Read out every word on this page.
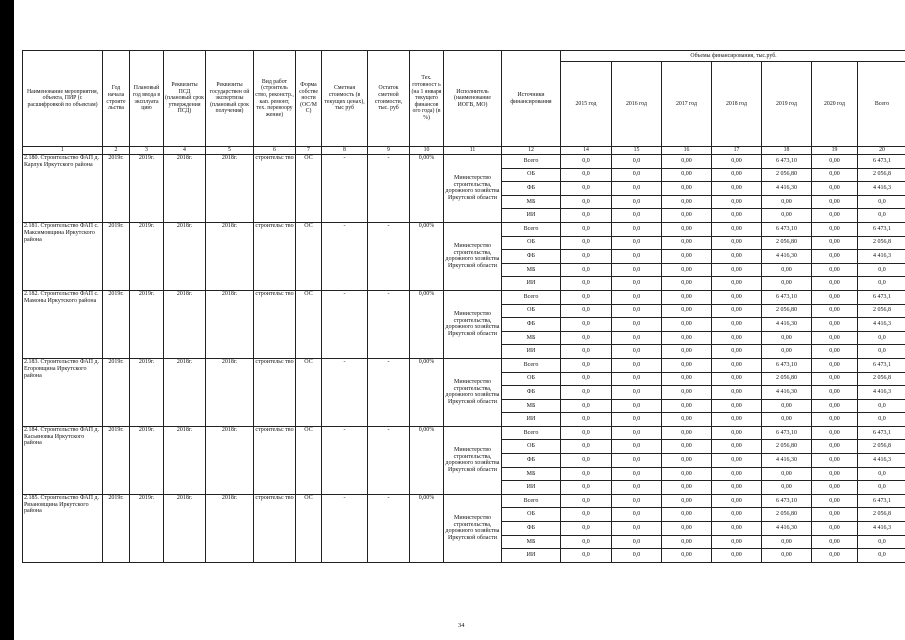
Наименование мероприятия, объекта, ПИР (с расшифровкой по объектам)	Год начала строите льства	Плановый год ввода в эксплуата цию	Реквизиты ПСД (плановый срок утверждения ПСД)	Реквизиты государствен ой экспертизы (плановый срок получения)	Вид работ (строитель ство, реконстр., кап. ремонт, тех. перевоору жение)	Форма собстве ности (ОС/М С)	Сметная стоимость (в текущих ценах), тыс руб	Остаток сметной стоимости, тыс. руб	Тех. готовност ь (на 1 января текущего финансов ого года) (в %)	Исполнитель (наименование ИОГВ, МО)	Источники финансирования	Объемы финансирования, тыс.руб.						
												2015 год	2016 год	2017 год	2018 год	2019 год	2020 год	Всего
1	2	3	4	5	6	7	8	9	10	11	12	14	15	16	17	18	19	20
2.180. Строительство ФАП д. Карлук Иркутского района	2019г.	2019г.	2018г.	2018г.	строительс тво	ОС	-	-	0,00%	Министерство строительства, дорожного хозяйства Иркутской области	Всего	0,0	0,0	0,00	0,00	6 473,10	0,00	6 473,1
											ОБ	0,0	0,0	0,00	0,00	2 056,80	0,00	2 056,8
											ФБ	0,0	0,0	0,00	0,00	4 416,30	0,00	4 416,3
											МБ	0,0	0,0	0,00	0,00	0,00	0,00	0,0
											ИИ	0,0	0,0	0,00	0,00	0,00	0,00	0,0
2.181. Строительство ФАП с. Максимовщина Иркутского района	2019г.	2019г.	2018г.	2018г.	строительс тво	ОС	-	-	0,00%	Министерство строительства, дорожного хозяйства Иркутской области	Всего	0,0	0,0	0,00	0,00	6 473,10	0,00	6 473,1
											ОБ	0,0	0,0	0,00	0,00	2 056,80	0,00	2 056,8
											ФБ	0,0	0,0	0,00	0,00	4 416,30	0,00	4 416,3
											МБ	0,0	0,0	0,00	0,00	0,00	0,00	0,0
											ИИ	0,0	0,0	0,00	0,00	0,00	0,00	0,0
2.182. Строительство ФАП с. Мамоны Иркутского района	2019г.	2019г.	2018г.	2018г.	строительс тво	ОС	-	-	0,00%	Министерство строительства, дорожного хозяйства Иркутской области	Всего	0,0	0,0	0,00	0,00	6 473,10	0,00	6 473,1
											ОБ	0,0	0,0	0,00	0,00	2 056,80	0,00	2 056,8
											ФБ	0,0	0,0	0,00	0,00	4 416,30	0,00	4 416,3
											МБ	0,0	0,0	0,00	0,00	0,00	0,00	0,0
											ИИ	0,0	0,0	0,00	0,00	0,00	0,00	0,0
2.183. Строительство ФАП д. Егоровщина Иркутского района	2019г.	2019г.	2018г.	2018г.	строительс тво	ОС	-	-	0,00%	Министерство строительства, дорожного хозяйства Иркутской области	Всего	0,0	0,0	0,00	0,00	6 473,10	0,00	6 473,1
											ОБ	0,0	0,0	0,00	0,00	2 056,80	0,00	2 056,8
											ФБ	0,0	0,0	0,00	0,00	4 416,30	0,00	4 416,3
											МБ	0,0	0,0	0,00	0,00	0,00	0,00	0,0
											ИИ	0,0	0,0	0,00	0,00	0,00	0,00	0,0
2.184. Строительство ФАП д. Касьяновка Иркутского района	2019г.	2019г.	2018г.	2018г.	строительс тво	ОС	-	-	0,00%	Министерство строительства, дорожного хозяйства Иркутской области	Всего	0,0	0,0	0,00	0,00	6 473,10	0,00	6 473,1
											ОБ	0,0	0,0	0,00	0,00	2 056,80	0,00	2 056,8
											ФБ	0,0	0,0	0,00	0,00	4 416,30	0,00	4 416,3
											МБ	0,0	0,0	0,00	0,00	0,00	0,00	0,0
											ИИ	0,0	0,0	0,00	0,00	0,00	0,00	0,0
2.185. Строительство ФАП д. Рязановщина Иркутского района	2019г.	2019г.	2018г.	2018г.	строительс тво	ОС	-	-	0,00%	Министерство строительства, дорожного хозяйства Иркутской области	Всего	0,0	0,0	0,00	0,00	6 473,10	0,00	6 473,1
											ОБ	0,0	0,0	0,00	0,00	2 056,80	0,00	2 056,8
											ФБ	0,0	0,0	0,00	0,00	4 416,30	0,00	4 416,3
											МБ	0,0	0,0	0,00	0,00	0,00	0,00	0,0
											ИИ	0,0	0,0	0,00	0,00	0,00	0,00	0,0
34
